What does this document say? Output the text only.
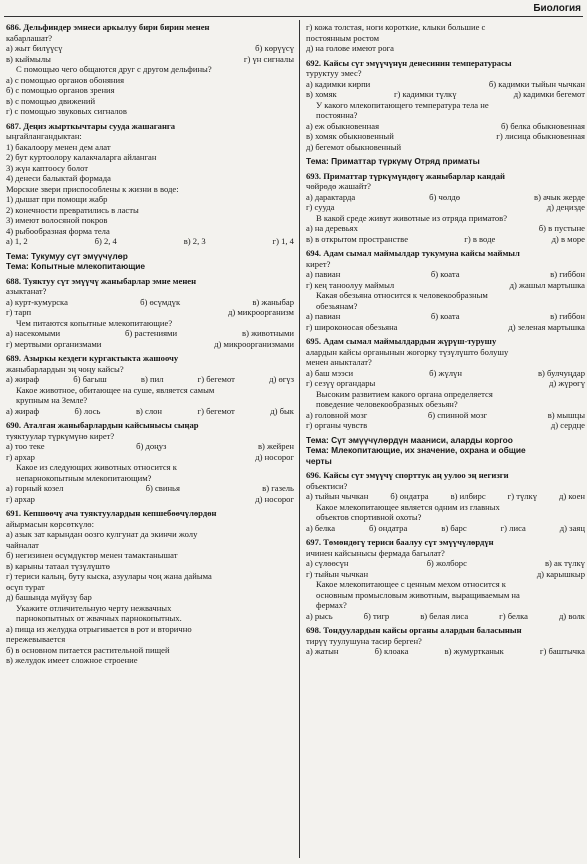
Биология
686. Дельфиндер эмнеси аркылуу бири бирин менен
кабарлашат?
а) жыт билүүсү	б) көрүүсү
в) кыймылы	г) үн сигналы
С помощью чего общаются друг с другом дельфины?
а) с помощью органов обоняния
б) с помощью органов зрения
в) с помощью движений
г) с помощью звуковых сигналов
687. Деңиз жырткычтары сууда жашаганга
ыңгайлангандыктан:
1) бакалоору менен дем алат
2) бут куртоолору калакчаларга айланган
3) жүн каптоосу болот
4) денеси балыктай формада
Морские звери приспособлены к жизни в воде:
1) дышат при помощи жабр
2) конечности превратились в ласты
3) имеют волосяной покров
4) рыбообразная форма тела
а) 1, 2	б) 2, 4	в) 2, 3	г) 1, 4
Тема: Тукумуу сүт эмүүчүлөр
Тема: Копытные млекопитающие
688. Туяктуу сүт эмүүчү жаныбарлар эмне менен
азыктанат?
а) курт-кумурска	б) өсүмдүк	в) жаныбар
г) тарп	д) микроорганизм
Чем питаются копытные млекопитающие?
а) насекомыми	б) растениями	в) животными
г) мертвыми организмами	д) микроорганизмами
689. Азыркы кездеги кургактыкта жашоочу
жаныбарлардын эң чоңу кайсы?
а) жираф	б) багыш	в) пил	г) бегемот	д) өгүз
Какое животное, обитающее на суше, является самым
крупным на Земле?
а) жираф	б) лось	в) слон	г) бегемот	д) бык
690. Аталган жаныбарлардын кайсынысы сыңар
туяктуулар түркүмүнө кирет?
а) тоо теке	б) доңуз	в) жейрен
г) архар	д) носорог
Какое из следующих животных относится к
непарнокопытным млекопитающим?
а) горный козел	б) свинья	в) газель
г) архар	д) носорог
691. Кепшөөчү ача туяктуулардын кепшебөөчүлөрдөн
айырмасын көрсөткүлө:
а) азык зат карындан оозго кулгунат да экинчи жолу
чайналат
б) негизинен өсүмдүктөр менен тамактанышат
в) карыны татаал түзүлүштө
г) териси калың, буту кыска, азуулары чоң жана дайыма
өсүп турат
д) башында мүйүзү бар
Укажите отличительную черту нежвачных
парнокопытных от жвачных парнокопытных.
а) пища из желудка отрыгивается в рот и вторично
пережевывается
б) в основном питается растительной пищей
в) желудок имеет сложное строение
г) кожа толстая, ноги короткие, клыки большие с
постоянным ростом
д) на голове имеют рога
692. Кайсы сүт эмүүчүнүн денесинин температурасы
туруктуу эмес?
а) кадимки кирпи	б) кадимки тыйын чычкан
в) хомяк	г) кадимки түлкү	д) кадимки бегемот
У какого млекопитающего температура тела не
постоянна?
а) еж обыкновенная	б) белка обыкновенная
в) хомяк обыкновенный	г) лисица обыкновенная
д) бегемот обыкновенный
Тема: Приматтар түркүмү Отряд приматы
693. Приматтар түркүмүндөгү жаныбарлар кандай
чөйрөдө жашайт?
а) дарактарда	б) чөлдө	в) ачык жерде
г) сууда	д) деңизде
В какой среде живут животные из отряда приматов?
а) на деревьях	б) в пустыне
в) в открытом пространстве	г) в воде	д) в море
694. Адам сымал маймылдар тукумуна кайсы маймыл
кирет?
а) павиан	б) коата	в) гиббон
г) кең таноолуу маймыл	д) жашыл мартышка
Какая обезьяна относится к человекообразным
обезьянам?
а) павиан	б) коата	в) гиббон
г) широконосая обезьяна	д) зеленая мартышка
695. Адам сымал маймылдардын жүрүш-турушу
алардын кайсы органынын жогорку түзүлүштө болушу
менен аныкталат?
а) баш мээси	б) жүлүн	в) булчуңдар
г) сезүү органдары	д) жүрөгү
Высоким развитием какого органа определяется
поведение человекообразных обезьян?
а) головной мозг	б) спинной мозг	в) мышцы
г) органы чувств	д) сердце
Тема: Сүт эмүүчүлөрдүн мааниси, аларды коргоо
Тема: Млекопитающие, их значение, охрана и общие
черты
696. Кайсы сүт эмүүчү спорттук аң уулоо эң негизги
объектиси?
а) тыйын чычкан	б) ондатра	в) илбирс	г) түлкү	д) коен
Какое млекопитающее является одним из главных
объектов спортивной охоты?
а) белка	б) ондатра	в) барс	г) лиса	д) заяц
697. Төмөндөгү териси баалуу сүт эмүүчүлөрдүн
ичинен кайсынысы фермада багылат?
а) сүлөөсүн	б) жолборс	в) ак түлкү
г) тыйын чычкан	д) карышкыр
Какое млекопитающее с ценным мехом относится к
основным промысловым животным, выращиваемым на
фермах?
а) рысь	б) тигр	в) белая лиса	г) белка	д) волк
698. Тондуулардын кайсы органы алардын баласынын
тирүү туулушуна тасир берген?
а) жатын	б) клоака	в) жумуртканык	г) баштычка
